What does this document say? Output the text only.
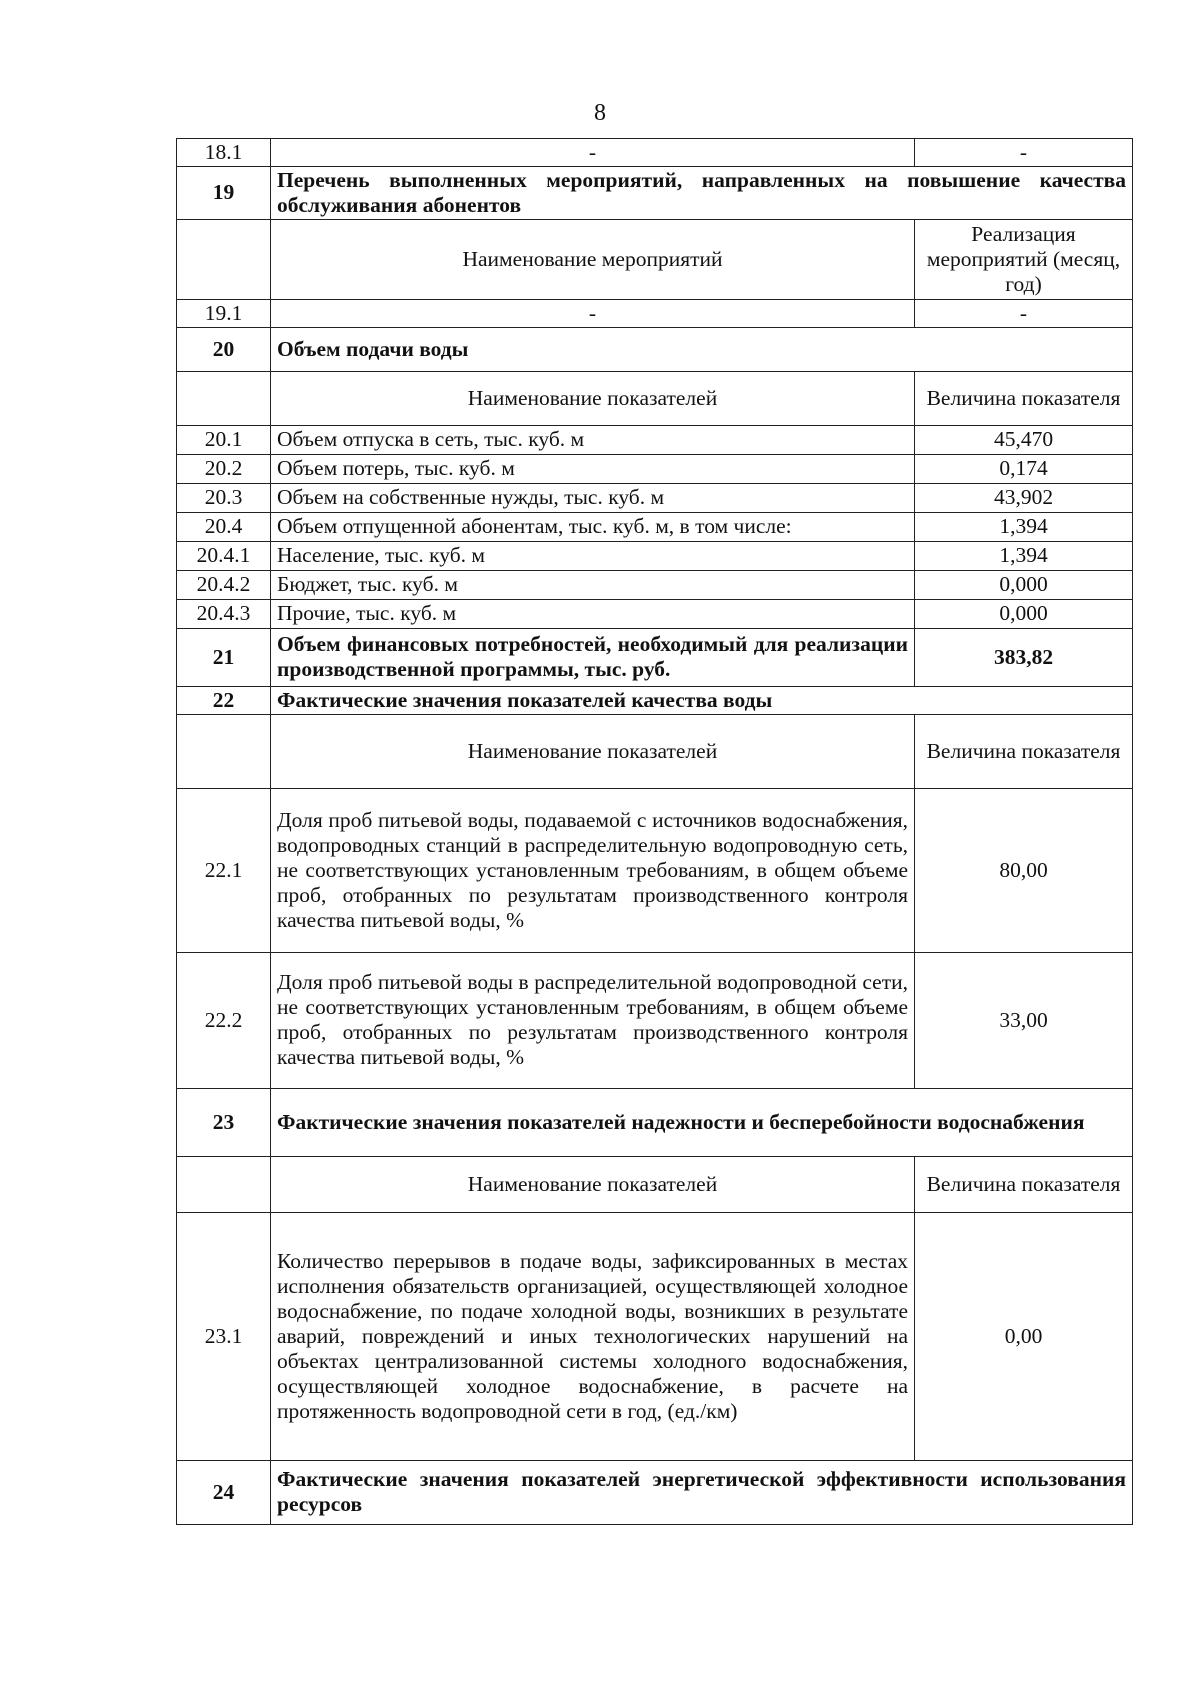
8
18.1	-	-
19	Перечень выполненных мероприятий, направленных на повышение качества обслуживания абонентов	
	Наименование мероприятий	Реализация мероприятий (месяц, год)
19.1	-	-
20	Объем подачи воды	
	Наименование показателей	Величина показателя
20.1	Объем отпуска в сеть, тыс. куб. м	45,470
20.2	Объем потерь, тыс. куб. м	0,174
20.3	Объем на собственные нужды, тыс. куб. м	43,902
20.4	Объем отпущенной абонентам, тыс. куб. м, в том числе:	1,394
20.4.1	Население, тыс. куб. м	1,394
20.4.2	Бюджет, тыс. куб. м	0,000
20.4.3	Прочие, тыс. куб. м	0,000
21	Объем финансовых потребностей, необходимый для реализации производственной программы, тыс. руб.	383,82
22	Фактические значения показателей качества воды	
	Наименование показателей	Величина показателя
22.1	Доля проб питьевой воды, подаваемой с источников водоснабжения, водопроводных станций в распределительную водопроводную сеть, не соответствующих установленным требованиям, в общем объеме проб, отобранных по результатам производственного контроля качества питьевой воды, %	80,00
22.2	Доля проб питьевой воды в распределительной водопроводной сети, не соответствующих установленным требованиям, в общем объеме проб, отобранных по результатам производственного контроля качества питьевой воды, %	33,00
23	Фактические значения показателей надежности и бесперебойности водоснабжения	
	Наименование показателей	Величина показателя
23.1	Количество перерывов в подаче воды, зафиксированных в местах исполнения обязательств организацией, осуществляющей холодное водоснабжение, по подаче холодной воды, возникших в результате аварий, повреждений и иных технологических нарушений на объектах централизованной системы холодного водоснабжения, осуществляющей холодное водоснабжение, в расчете на протяженность водопроводной сети в год, (ед./км)	0,00
24	Фактические значения показателей энергетической эффективности использования ресурсов	
